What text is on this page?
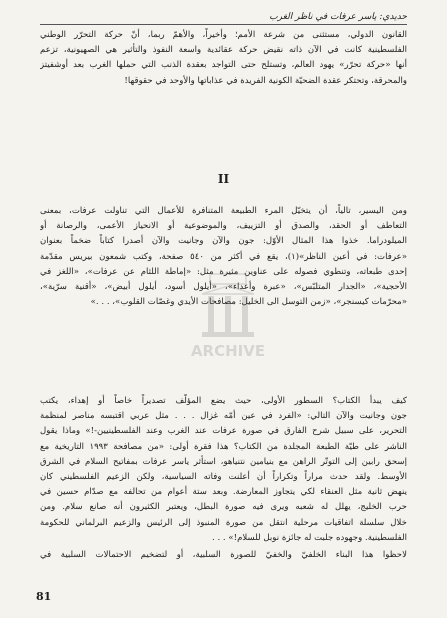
حديدي: ياسر عرفات في ناظر الغرب
القانون الدولي، مستثنى من شرعة الأمم؛ وأخيراً، والأهمّ ربما، أنّ حركة التحرّر الوطني
الفلسطينية كانت في الآن ذاته نقيض حركة عقائدية واسعة النفوذ والتأثير هي الصهيونية، تزعم
أنها «حركة تحرّر» يهود العالم، وتستلح حتى التواجد بعقدة الذنب التي حملها الغرب بعد أوشفيتز
والمحرقة، وتحتكر عقدة الضحيّة الكونية الفريدة في عذاباتها والأوحد في حقوقها!
II
ومن اليسير، تالياً، أن يتخيّل المرء الطبيعة المتنافرة للأعمال التي تناولت عرفات، بمعنى
التعاطف أو الحقد، والصدق أو التزييف، والموضوعية أو الانحياز الأعمى، والرصانة أو
الميلودراما. خذوا هذا المثال الأوّل: جون والآن وجانيت والآن أصدرا كتاباً ضخماً بعنوان
«عرفات: في أعين الناظر»(١)، يقع في أكثر من ٥٤٠ صفحة، وكتب شمعون بيريس مقدّمة
إحدى طبعاته، وتنطوي فصوله على عناوين مثيرة مثل: «إماطة اللثام عن عرفات»، «اللغز في
الأحجية»، «الجدار المتلبّس»، «عبرة وأعداء»، «أيلول أسود، أيلول أبيض»، «أقنية سرّية»،
«محرّمات كيسنجر»، «زمن التوسل الى الخليل: مصافحات الأيدي وغصّات القلوب»، . . .»
كيف يبدأ الكتاب؟ السطور الأولى، حيث يضع المؤلّف تصديراً خاصاً أو إهداء، يكتب
جون وجانيت والآن التالي: «الفرد في عين أمّه غزال . . . مثل عربي اقتبسه مناصر لمنظمة
التحرير، على سبيل شرح الفارق في صورة عرفات عند الغرب وعند الفلسطينيين-!» وماذا يقول
الناشر على طيّة الطبعة المجلدة من الكتاب؟ هذا فقرة أولى: «من مصافحة ١٩٩٣ التاريخية مع
إسحق رابين إلى التوتّر الراهن مع بنيامين نتنياهو، استأثر ياسر عرفات بمفاتيح السلام في الشرق
الأوسط. ولقد حدث مراراً وتكراراً أن أعلنت وفاته السياسية، ولكن الزعيم الفلسطيني كان
ينهض ثانية مثل العنقاء لكي يتجاوز المعارضة. وبعد ستة أعوام من تحالفه مع صدّام حسين في
حرب الخليج، يهلل له شعبه ويرى فيه صورة البطل، ويعتبر الكثيرون أنه صانع سلام. ومن
خلال سلسلة اتفاقيات مرحلية انتقل من صورة المنبوذ إلى الرئيس والزعيم البرلماني للحكومة
الفلسطينية. وجهوده جلبت له جائزة نوبل للسلام!» . . .
لاحظوا هذا البناء الخلفيّ والخفيّ للصورة السلبية، أو لتضخيم الاحتمالات السلبية في
ARCHIVE
81
